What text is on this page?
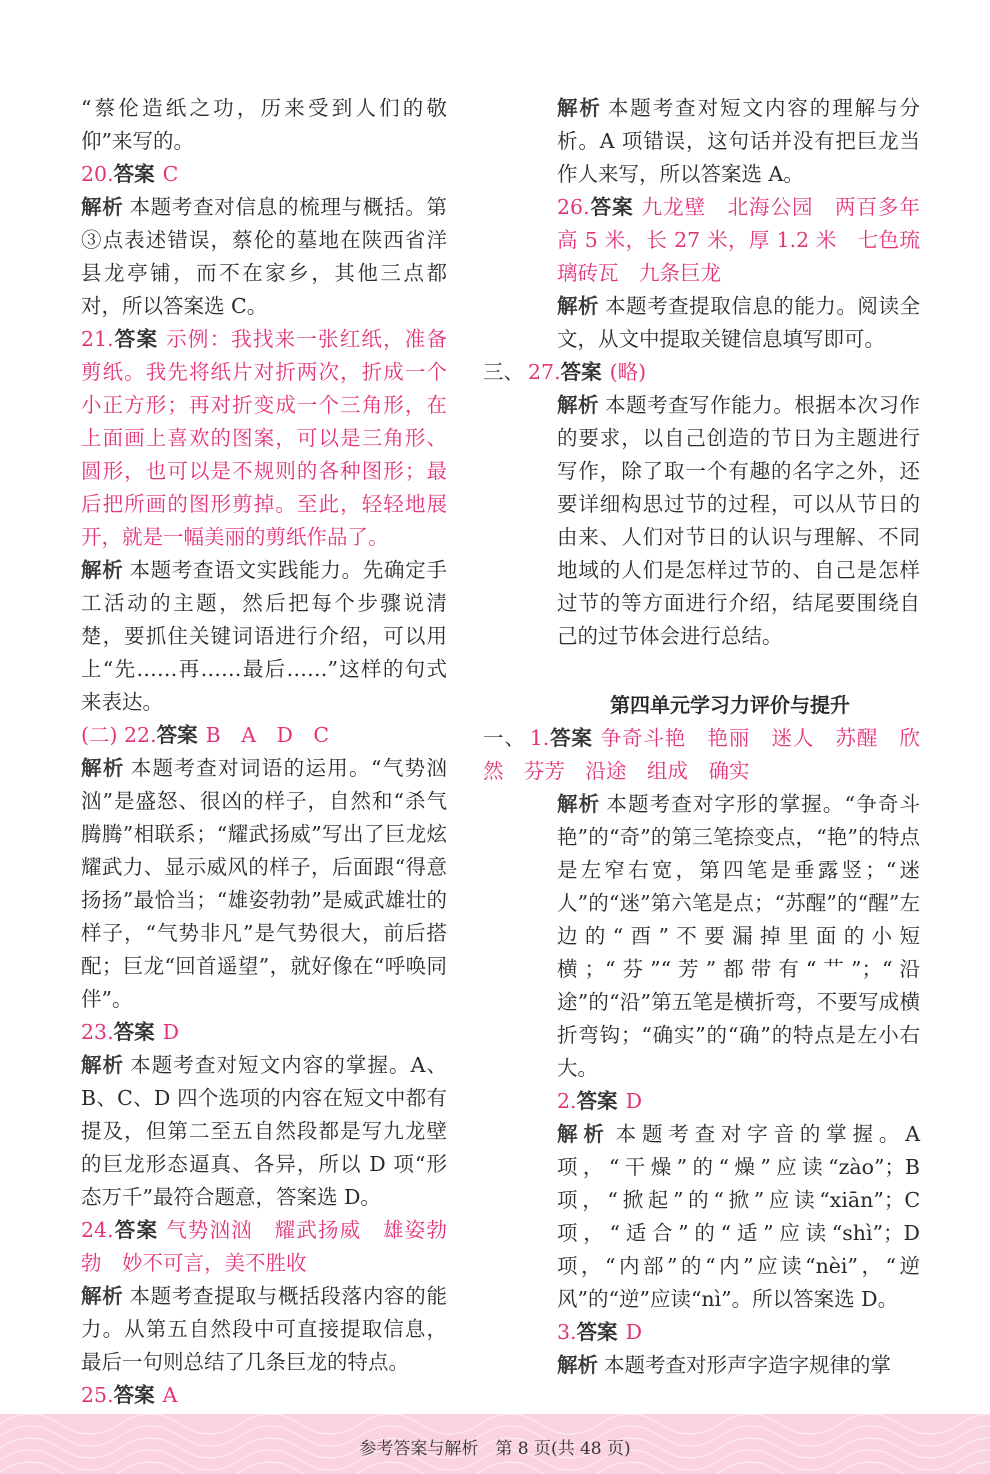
“蔡伦造纸之功，历来受到人们的敬仰”来写的。

20.答案 C

解析 本题考查对信息的梳理与概括。第③点表述错误，蔡伦的墓地在陕西省洋县龙亭铺，而不在家乡，其他三点都对，所以答案选 C。

21.答案 示例：我找来一张红纸，准备剪纸。我先将纸片对折两次，折成一个小正方形；再对折变成一个三角形，在上面画上喜欢的图案，可以是三角形、圆形，也可以是不规则的各种图形；最后把所画的图形剪掉。至此，轻轻地展开，就是一幅美丽的剪纸作品了。

解析 本题考查语文实践能力。先确定手工活动的主题，然后把每个步骤说清楚，要抓住关键词语进行介绍，可以用上“先……再……最后……”这样的句式来表达。

(二) 22.答案 B　A　D　C

解析 本题考查对词语的运用。“气势汹汹”是盛怒、很凶的样子，自然和“杀气腾腾”相联系；“耀武扬威”写出了巨龙炫耀武力、显示威风的样子，后面跟“得意扬扬”最恰当；“雄姿勃勃”是威武雄壮的样子，“气势非凡”是气势很大，前后搭配；巨龙“回首遥望”，就好像在“呼唤同伴”。

23.答案 D

解析 本题考查对短文内容的掌握。A、B、C、D 四个选项的内容在短文中都有提及，但第二至五自然段都是写九龙壁的巨龙形态逼真、各异，所以 D 项“形态万千”最符合题意，答案选 D。

24.答案 气势汹汹　耀武扬威　雄姿勃勃　妙不可言，美不胜收

解析 本题考查提取与概括段落内容的能力。从第五自然段中可直接提取信息，最后一句则总结了几条巨龙的特点。

25.答案 A

解析 本题考查对短文内容的理解与分析。A 项错误，这句话并没有把巨龙当作人来写，所以答案选 A。

26.答案 九龙壁　北海公园　两百多年　高 5 米，长 27 米，厚 1.2 米　七色琉璃砖瓦　九条巨龙

解析 本题考查提取信息的能力。阅读全文，从文中提取关键信息填写即可。

三、 27.答案 (略)

解析 本题考查写作能力。根据本次习作的要求，以自己创造的节日为主题进行写作，除了取一个有趣的名字之外，还要详细构思过节的过程，可以从节日的由来、人们对节日的认识与理解、不同地域的人们是怎样过节的、自己是怎样过节的等方面进行介绍，结尾要围绕自己的过节体会进行总结。

第四单元学习力评价与提升

一、 1.答案 争奇斗艳　艳丽　迷人　苏醒　欣然　芬芳　沿途　组成　确实

解析 本题考查对字形的掌握。“争奇斗艳”的“奇”的第三笔捺变点，“艳”的特点是左窄右宽，第四笔是垂露竖；“迷人”的“迷”第六笔是点；“苏醒”的“醒”左边的“酉”不要漏掉里面的小短横；“芬”“芳”都带有“艹”；“沿途”的“沿”第五笔是横折弯，不要写成横折弯钩；“确实”的“确”的特点是左小右大。

2.答案 D

解析 本题考查对字音的掌握。A 项，“干燥”的“燥”应读“zào”；B 项，“掀起”的“掀”应读“xiān”；C 项，“适合”的“适”应读“shì”；D 项，“内部”的“内”应读“nèi”，“逆风”的“逆”应读“nì”。所以答案选 D。

3.答案 D

解析 本题考查对形声字造字规律的掌

参考答案与解析　第 8 页(共 48 页)
